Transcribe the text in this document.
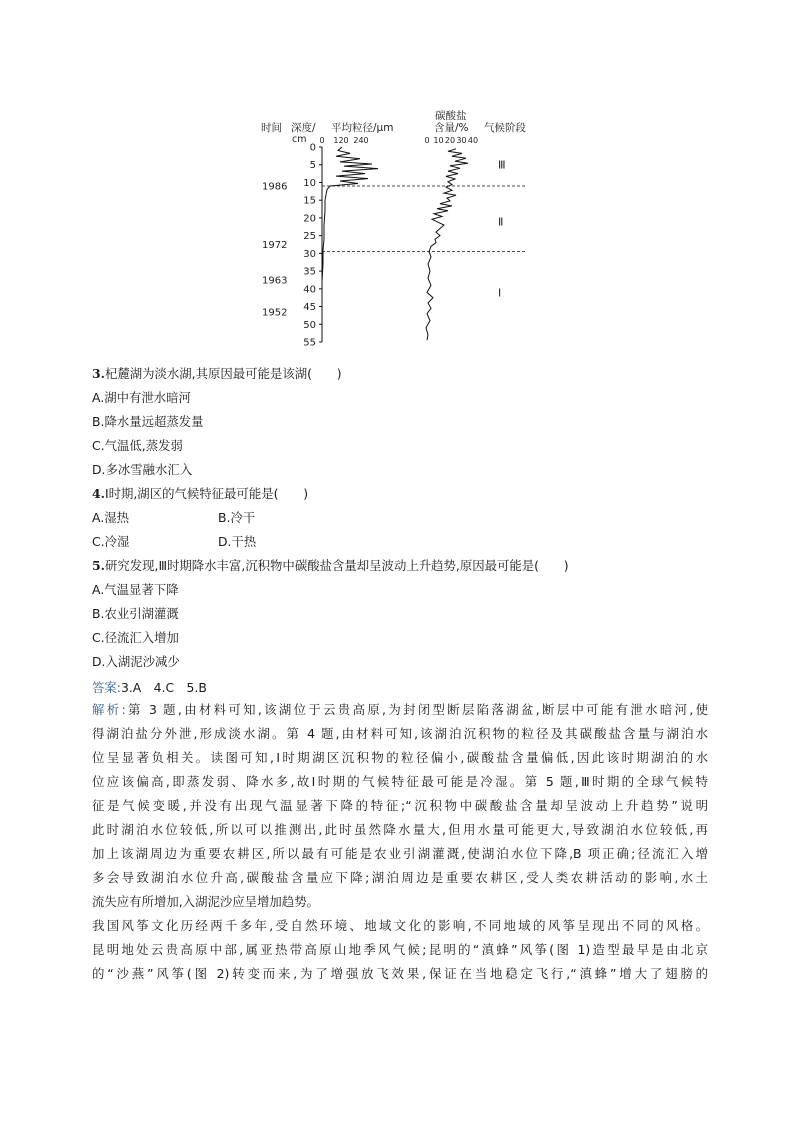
时间 深度/
cm
平均粒径/μm
碳酸盐
含量/% 气候阶段
0 120 240	0 10 20 30 40
0
5
10
15
20
25
30
35
40
45
50
55
1986
1972
1963
1952
Ⅲ
Ⅱ
Ⅰ
3.杞麓湖为淡水湖,其原因最可能是该湖(　　)
A.湖中有泄水暗河
B.降水量远超蒸发量
C.气温低,蒸发弱
D.多冰雪融水汇入
4.Ⅰ时期,湖区的气候特征最可能是(　　)
A.湿热	B.冷干
C.冷湿	D.干热
5.研究发现,Ⅲ时期降水丰富,沉积物中碳酸盐含量却呈波动上升趋势,原因最可能是(　　)
A.气温显著下降
B.农业引湖灌溉
C.径流汇入增加
D.入湖泥沙减少
答案:3.A　4.C　5.B
解析:第 3 题,由材料可知,该湖位于云贵高原,为封闭型断层陷落湖盆,断层中可能有泄水暗河,使
得湖泊盐分外泄,形成淡水湖。第 4 题,由材料可知,该湖泊沉积物的粒径及其碳酸盐含量与湖泊水
位呈显著负相关。读图可知,Ⅰ时期湖区沉积物的粒径偏小,碳酸盐含量偏低,因此该时期湖泊的水
位应该偏高,即蒸发弱、降水多,故Ⅰ时期的气候特征最可能是冷湿。第 5 题,Ⅲ时期的全球气候特
征是气候变暖,并没有出现气温显著下降的特征;“沉积物中碳酸盐含量却呈波动上升趋势”说明
此时湖泊水位较低,所以可以推测出,此时虽然降水量大,但用水量可能更大,导致湖泊水位较低,再
加上该湖周边为重要农耕区,所以最有可能是农业引湖灌溉,使湖泊水位下降,B 项正确;径流汇入增
多会导致湖泊水位升高,碳酸盐含量应下降;湖泊周边是重要农耕区,受人类农耕活动的影响,水土
流失应有所增加,入湖泥沙应呈增加趋势。
我国风筝文化历经两千多年,受自然环境、地域文化的影响,不同地域的风筝呈现出不同的风格。
昆明地处云贵高原中部,属亚热带高原山地季风气候;昆明的“滇蜂”风筝(图 1)造型最早是由北京
的“沙燕”风筝(图 2)转变而来,为了增强放飞效果,保证在当地稳定飞行,“滇蜂”增大了翅膀的
